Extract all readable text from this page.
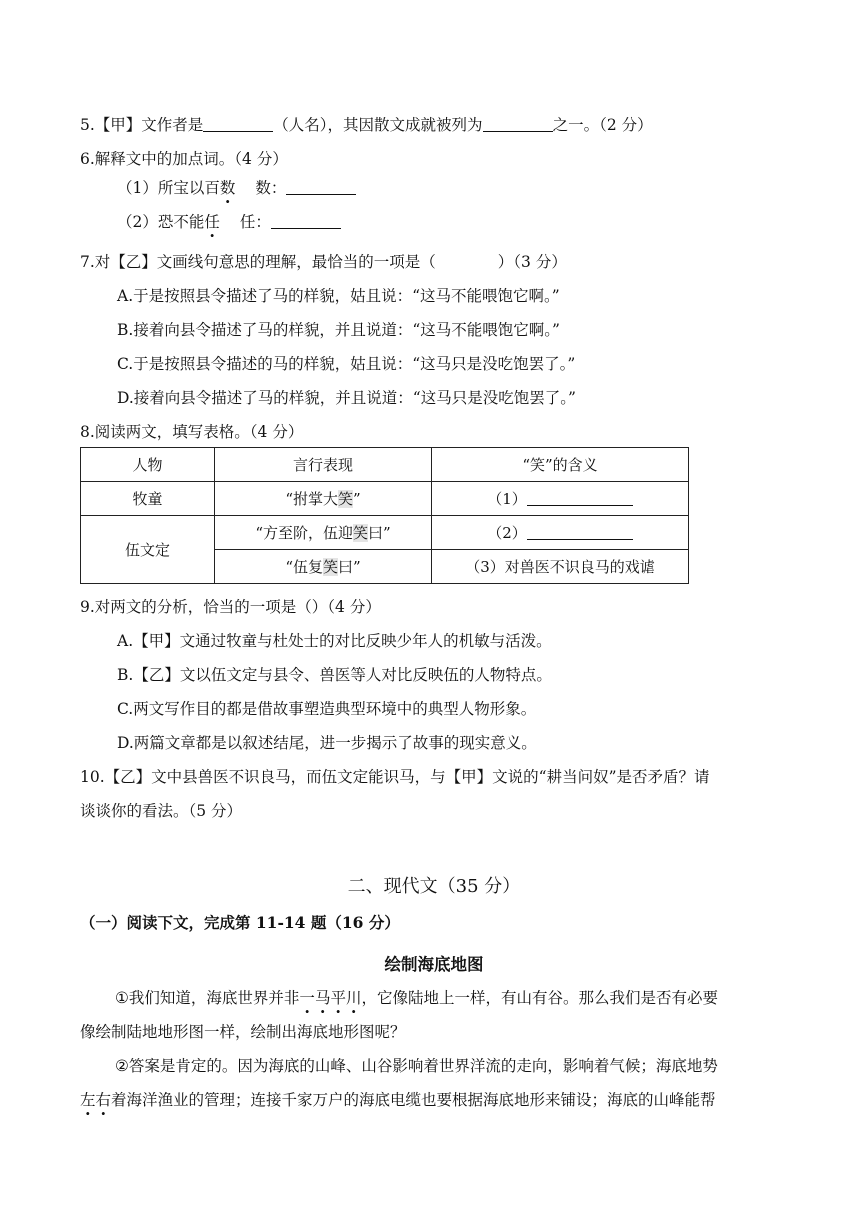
5.【甲】文作者是	（人名），其因散文成就被列为	之一。（2 分）
6.解释文中的加点词。（4 分）
（1）所宝以百数 数：
（2）恐不能任 任：
7.对【乙】文画线句意思的理解，最恰当的一项是（　　　　）（3 分）
A.于是按照县令描述了马的样貌，姑且说：“这马不能喂饱它啊。”
B.接着向县令描述了马的样貌，并且说道：“这马不能喂饱它啊。”
C.于是按照县令描述的马的样貌，姑且说：“这马只是没吃饱罢了。”
D.接着向县令描述了马的样貌，并且说道：“这马只是没吃饱罢了。”
8.阅读两文，填写表格。（4 分）
人物	言行表现	“笑”的含义
牧童	“拊掌大笑”	（1）
伍文定	“方至阶，伍迎笑曰”	（2）
	“伍复笑曰”	（3）对兽医不识良马的戏谑
9.对两文的分析，恰当的一项是（）（4 分）
A.【甲】文通过牧童与杜处士的对比反映少年人的机敏与活泼。
B.【乙】文以伍文定与县令、兽医等人对比反映伍的人物特点。
C.两文写作目的都是借故事塑造典型环境中的典型人物形象。
D.两篇文章都是以叙述结尾，进一步揭示了故事的现实意义。
10.【乙】文中县兽医不识良马，而伍文定能识马，与【甲】文说的“耕当问奴”是否矛盾？请
谈谈你的看法。（5 分）
二、现代文（35 分）
（一）阅读下文，完成第 11-14 题（16 分）
绘制海底地图
①我们知道，海底世界并非一马平川，它像陆地上一样，有山有谷。那么我们是否有必要
像绘制陆地地形图一样，绘制出海底地形图呢？
②答案是肯定的。因为海底的山峰、山谷影响着世界洋流的走向，影响着气候；海底地势
左右着海洋渔业的管理；连接千家万户的海底电缆也要根据海底地形来铺设；海底的山峰能帮
